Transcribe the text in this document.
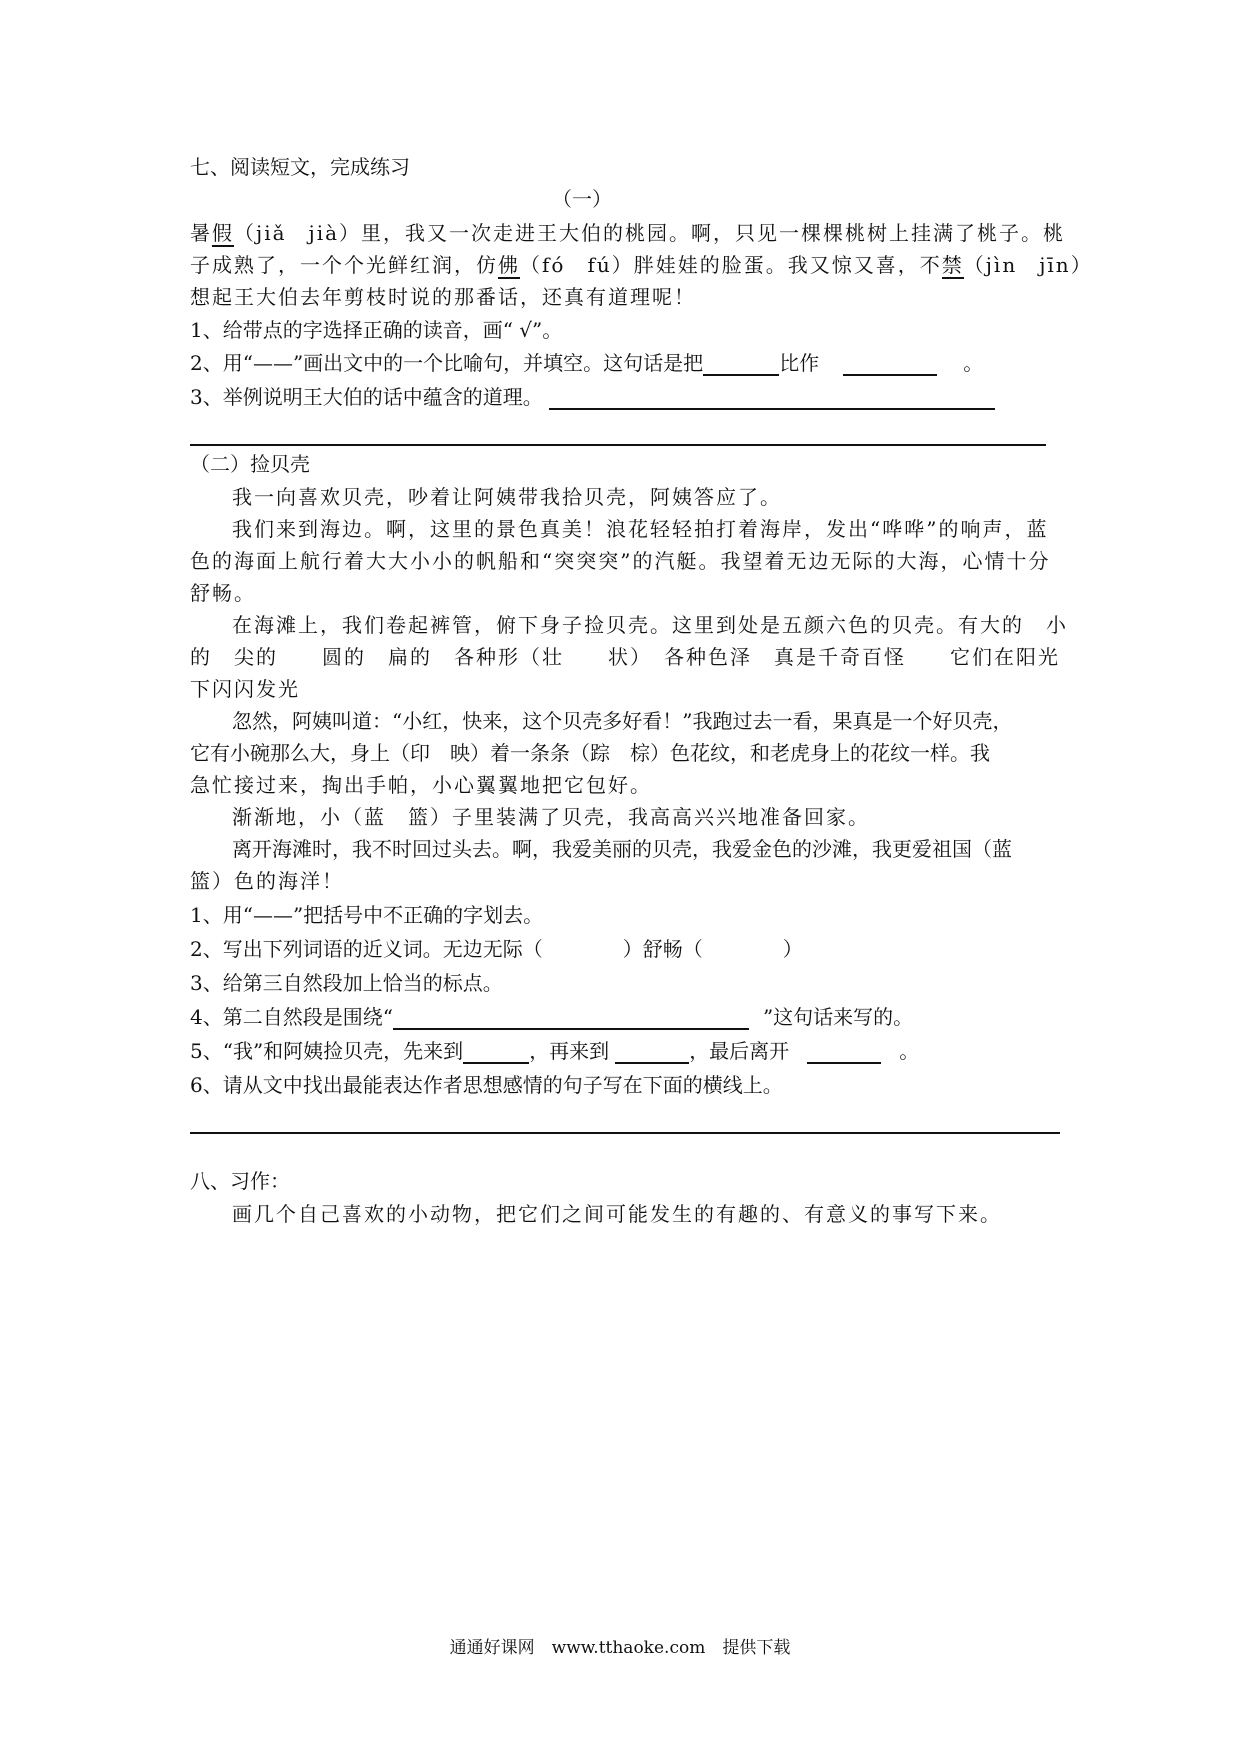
七、阅读短文，完成练习
（一）
暑假（jiǎ　jià）里，我又一次走进王大伯的桃园。啊，只见一棵棵桃树上挂满了桃子。桃
子成熟了，一个个光鲜红润，仿佛（fó　fú）胖娃娃的脸蛋。我又惊又喜，不禁（jìn　jīn）
想起王大伯去年剪枝时说的那番话，还真有道理呢！
1、给带点的字选择正确的读音，画“ √”。
2、用“——”画出文中的一个比喻句，并填空。这句话是把	比作	。
3、举例说明王大伯的话中蕴含的道理。
（二）捡贝壳
我一向喜欢贝壳，吵着让阿姨带我拾贝壳，阿姨答应了。
我们来到海边。啊，这里的景色真美！浪花轻轻拍打着海岸，发出“哗哗”的响声，蓝
色的海面上航行着大大小小的帆船和“突突突”的汽艇。我望着无边无际的大海，心情十分
舒畅。
在海滩上，我们卷起裤管，俯下身子捡贝壳。这里到处是五颜六色的贝壳。有大的　小
的　尖的　　圆的　扁的　各种形（壮　　状）　各种色泽　真是千奇百怪　　它们在阳光
下闪闪发光
忽然，阿姨叫道：“小红，快来，这个贝壳多好看！”我跑过去一看，果真是一个好贝壳，
它有小碗那么大，身上（印　映）着一条条（踪　棕）色花纹，和老虎身上的花纹一样。我
急忙接过来，掏出手帕，小心翼翼地把它包好。
渐渐地，小（蓝　篮）子里装满了贝壳，我高高兴兴地准备回家。
离开海滩时，我不时回过头去。啊，我爱美丽的贝壳，我爱金色的沙滩，我更爱祖国（蓝
篮）色的海洋！
1、用“——”把括号中不正确的字划去。
2、写出下列词语的近义词。无边无际（　　　　）舒畅（　　　　）
3、给第三自然段加上恰当的标点。
4、第二自然段是围绕“	”这句话来写的。
5、“我”和阿姨捡贝壳，先来到	，再来到	，最后离开	。
6、请从文中找出最能表达作者思想感情的句子写在下面的横线上。
八、习作：
画几个自己喜欢的小动物，把它们之间可能发生的有趣的、有意义的事写下来。
通通好课网　www.tthaoke.com　提供下载
